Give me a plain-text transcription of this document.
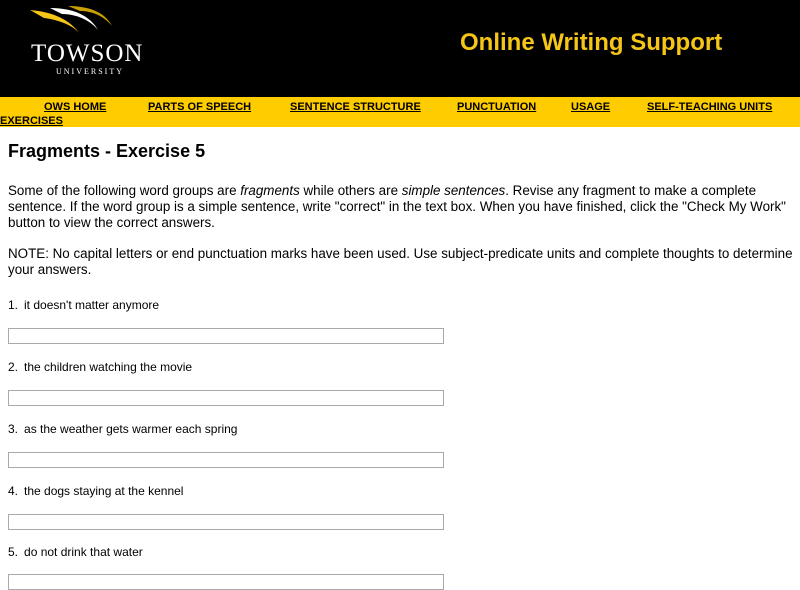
TOWSON
UNIVERSITY
Online Writing Support
OWS HOME	PARTS OF SPEECH	SENTENCE STRUCTURE	PUNCTUATION	USAGE	SELF-TEACHING UNITS
EXERCISES
Fragments - Exercise 5

Some of the following word groups are fragments while others are simple sentences. Revise any fragment to make a complete sentence. If the word group is a simple sentence, write "correct" in the text box. When you have finished, click the "Check My Work" button to view the correct answers.

NOTE: No capital letters or end punctuation marks have been used. Use subject-predicate units and complete thoughts to determine your answers.

1. it doesn't matter anymore
2. the children watching the movie
3. as the weather gets warmer each spring
4. the dogs staying at the kennel
5. do not drink that water
